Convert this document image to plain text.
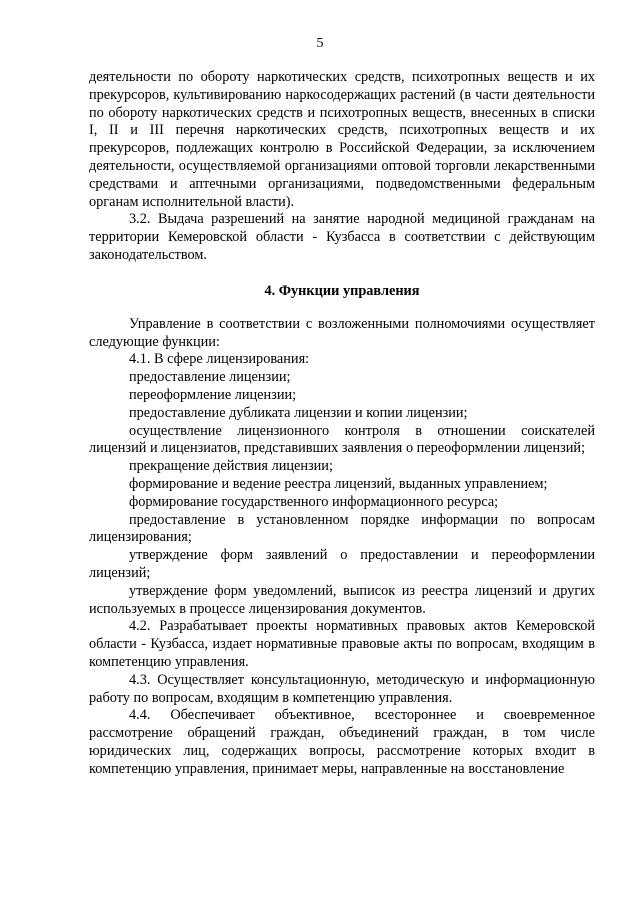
5

деятельности по обороту наркотических средств, психотропных веществ и их прекурсоров, культивированию наркосодержащих растений (в части деятельности по обороту наркотических средств и психотропных веществ, внесенных в списки I, II и III перечня наркотических средств, психотропных веществ и их прекурсоров, подлежащих контролю в Российской Федерации, за исключением деятельности, осуществляемой организациями оптовой торговли лекарственными средствами и аптечными организациями, подведомственными федеральным органам исполнительной власти).

3.2. Выдача разрешений на занятие народной медициной гражданам на территории Кемеровской области - Кузбасса в соответствии с действующим законодательством.

4. Функции управления

Управление в соответствии с возложенными полномочиями осуществляет следующие функции:

4.1. В сфере лицензирования:

предоставление лицензии;

переоформление лицензии;

предоставление дубликата лицензии и копии лицензии;

осуществление лицензионного контроля в отношении соискателей лицензий и лицензиатов, представивших заявления о переоформлении лицензий;

прекращение действия лицензии;

формирование и ведение реестра лицензий, выданных управлением;

формирование государственного информационного ресурса;

предоставление в установленном порядке информации по вопросам лицензирования;

утверждение форм заявлений о предоставлении и переоформлении лицензий;

утверждение форм уведомлений, выписок из реестра лицензий и других используемых в процессе лицензирования документов.

4.2. Разрабатывает проекты нормативных правовых актов Кемеровской области - Кузбасса, издает нормативные правовые акты по вопросам, входящим в компетенцию управления.

4.3. Осуществляет консультационную, методическую и информационную работу по вопросам, входящим в компетенцию управления.

4.4. Обеспечивает объективное, всестороннее и своевременное рассмотрение обращений граждан, объединений граждан, в том числе юридических лиц, содержащих вопросы, рассмотрение которых входит в компетенцию управления, принимает меры, направленные на восстановление
